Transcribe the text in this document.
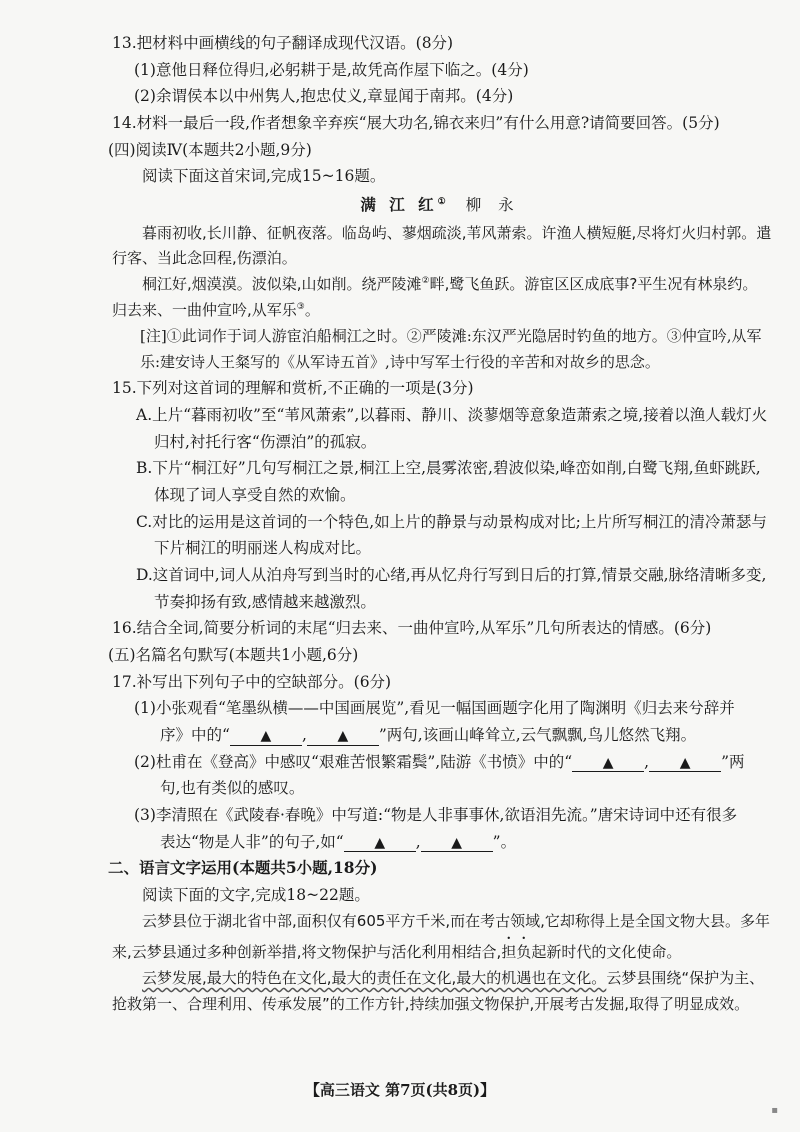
13.把材料中画横线的句子翻译成现代汉语。(8分)
(1)意他日释位得归,必躬耕于是,故凭高作屋下临之。(4分)
(2)余谓侯本以中州隽人,抱忠仗义,章显闻于南邦。(4分)
14.材料一最后一段,作者想象辛弃疾“展大功名,锦衣来归”有什么用意?请简要回答。(5分)
(四)阅读Ⅳ(本题共2小题,9分)
阅读下面这首宋词,完成15~16题。
满 江 红① 柳 永
暮雨初收,长川静、征帆夜落。临岛屿、蓼烟疏淡,苇风萧索。许渔人横短艇,尽将灯火归村郭。遣行客、当此念回程,伤漂泊。
桐江好,烟漠漠。波似染,山如削。绕严陵滩②畔,鹭飞鱼跃。游宦区区成底事?平生况有林泉约。归去来、一曲仲宣吟,从军乐③。
[注]①此词作于词人游宦泊船桐江之时。②严陵滩:东汉严光隐居时钓鱼的地方。③仲宣吟,从军乐:建安诗人王粲写的《从军诗五首》,诗中写军士行役的辛苦和对故乡的思念。
15.下列对这首词的理解和赏析,不正确的一项是(3分)
A.上片“暮雨初收”至“苇风萧索”,以暮雨、静川、淡蓼烟等意象造萧索之境,接着以渔人载灯火归村,衬托行客“伤漂泊”的孤寂。
B.下片“桐江好”几句写桐江之景,桐江上空,晨雾浓密,碧波似染,峰峦如削,白鹭飞翔,鱼虾跳跃,体现了词人享受自然的欢愉。
C.对比的运用是这首词的一个特色,如上片的静景与动景构成对比;上片所写桐江的清冷萧瑟与下片桐江的明丽迷人构成对比。
D.这首词中,词人从泊舟写到当时的心绪,再从忆舟行写到日后的打算,情景交融,脉络清晰多变,节奏抑扬有致,感情越来越激烈。
16.结合全词,简要分析词的末尾“归去来、一曲仲宣吟,从军乐”几句所表达的情感。(6分)
(五)名篇名句默写(本题共1小题,6分)
17.补写出下列句子中的空缺部分。(6分)
(1)小张观看“笔墨纵横——中国画展览”,看见一幅国画题字化用了陶渊明《归去来兮辞并
序》中的“ ▲ , ▲ ”两句,该画山峰耸立,云气飘飘,鸟儿悠然飞翔。
(2)杜甫在《登高》中感叹“艰难苦恨繁霜鬓”,陆游《书愤》中的“ ▲ , ▲ ”两
句,也有类似的感叹。
(3)李清照在《武陵春·春晚》中写道:“物是人非事事休,欲语泪先流。”唐宋诗词中还有很多
表达“物是人非”的句子,如“ ▲ , ▲ ”。
二、语言文字运用(本题共5小题,18分)
阅读下面的文字,完成18~22题。
云梦县位于湖北省中部,面积仅有605平方千米,而在考古领域,它却称得上是全国文物大县。多年来,云梦县通过多种创新举措,将文物保护与活化利用相结合,担负起新时代的文化使命。
云梦发展,最大的特色在文化,最大的责任在文化,最大的机遇也在文化。云梦县围绕“保护为主、抢救第一、合理利用、传承发展”的工作方针,持续加强文物保护,开展考古发掘,取得了明显成效。
【高三语文 第7页(共8页)】
▪
